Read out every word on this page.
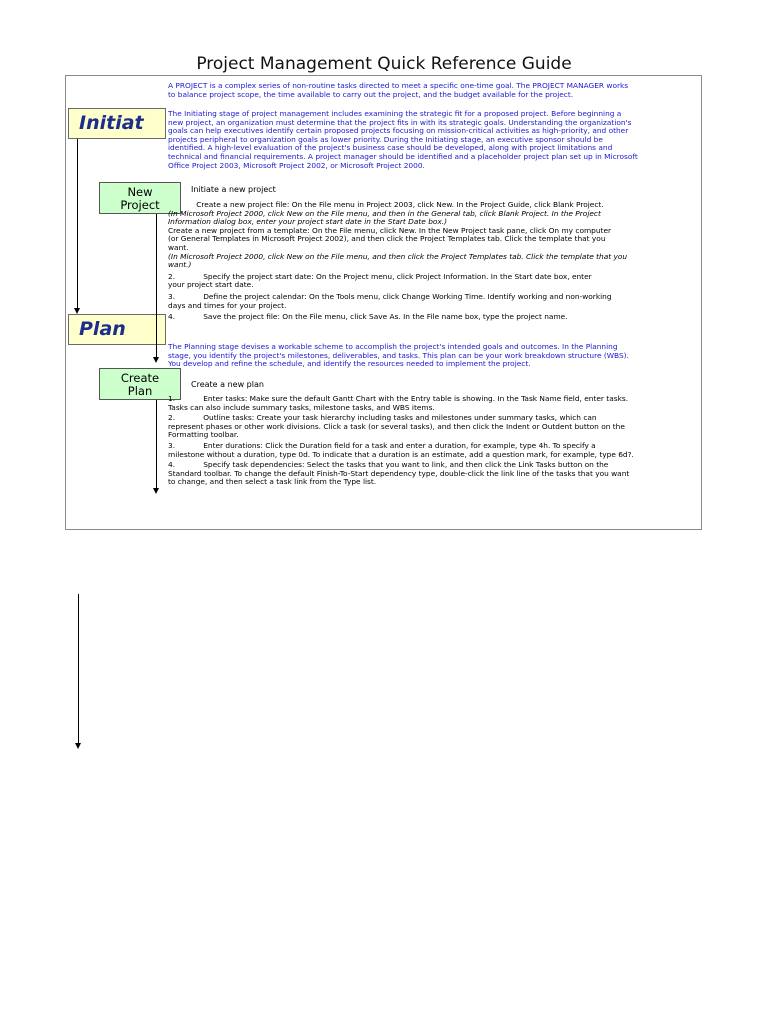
Project Management Quick Reference Guide
Initiat
Plan
New
Project
Create
Plan
A PROJECT is a complex series of non-routine tasks directed to meet a specific one-time goal. The PROJECT MANAGER works
to balance project scope, the time available to carry out the project, and the budget available for the project.
The Initiating stage of project management includes examining the strategic fit for a proposed project. Before beginning a
new project, an organization must determine that the project fits in with its strategic goals. Understanding the organization's
goals can help executives identify certain proposed projects focusing on mission-critical activities as high-priority, and other
projects peripheral to organization goals as lower priority. During the Initiating stage, an executive sponsor should be
identified. A high-level evaluation of the project's business case should be developed, along with project limitations and
technical and financial requirements. A project manager should be identified and a placeholder project plan set up in Microsoft
Office Project 2003, Microsoft Project 2002, or Microsoft Project 2000.
Initiate a new project
Create a new project file: On the File menu in Project 2003, click New. In the Project Guide, click Blank Project.
(In Microsoft Project 2000, click New on the File menu, and then in the General tab, click Blank Project. In the Project
Information dialog box, enter your project start date in the Start Date box.)
Create a new project from a template: On the File menu, click New. In the New Project task pane, click On my computer
(or General Templates in Microsoft Project 2002), and then click the Project Templates tab. Click the template that you
want.
(In Microsoft Project 2000, click New on the File menu, and then click the Project Templates tab. Click the template that you
want.)
2.            Specify the project start date: On the Project menu, click Project Information. In the Start date box, enter
your project start date.
3.            Define the project calendar: On the Tools menu, click Change Working Time. Identify working and non-working
days and times for your project.
4.            Save the project file: On the File menu, click Save As. In the File name box, type the project name.
The Planning stage devises a workable scheme to accomplish the project's intended goals and outcomes. In the Planning
stage, you identify the project's milestones, deliverables, and tasks. This plan can be your work breakdown structure (WBS).
You develop and refine the schedule, and identify the resources needed to implement the project.
Create a new plan
1.            Enter tasks: Make sure the default Gantt Chart with the Entry table is showing. In the Task Name field, enter tasks.
Tasks can also include summary tasks, milestone tasks, and WBS items.
2.            Outline tasks: Create your task hierarchy including tasks and milestones under summary tasks, which can
represent phases or other work divisions. Click a task (or several tasks), and then click the Indent or Outdent button on the
Formatting toolbar.
3.            Enter durations: Click the Duration field for a task and enter a duration, for example, type 4h. To specify a
milestone without a duration, type 0d. To indicate that a duration is an estimate, add a question mark, for example, type 6d?.
4.            Specify task dependencies: Select the tasks that you want to link, and then click the Link Tasks button on the
Standard toolbar. To change the default Finish-To-Start dependency type, double-click the link line of the tasks that you want
to change, and then select a task link from the Type list.
